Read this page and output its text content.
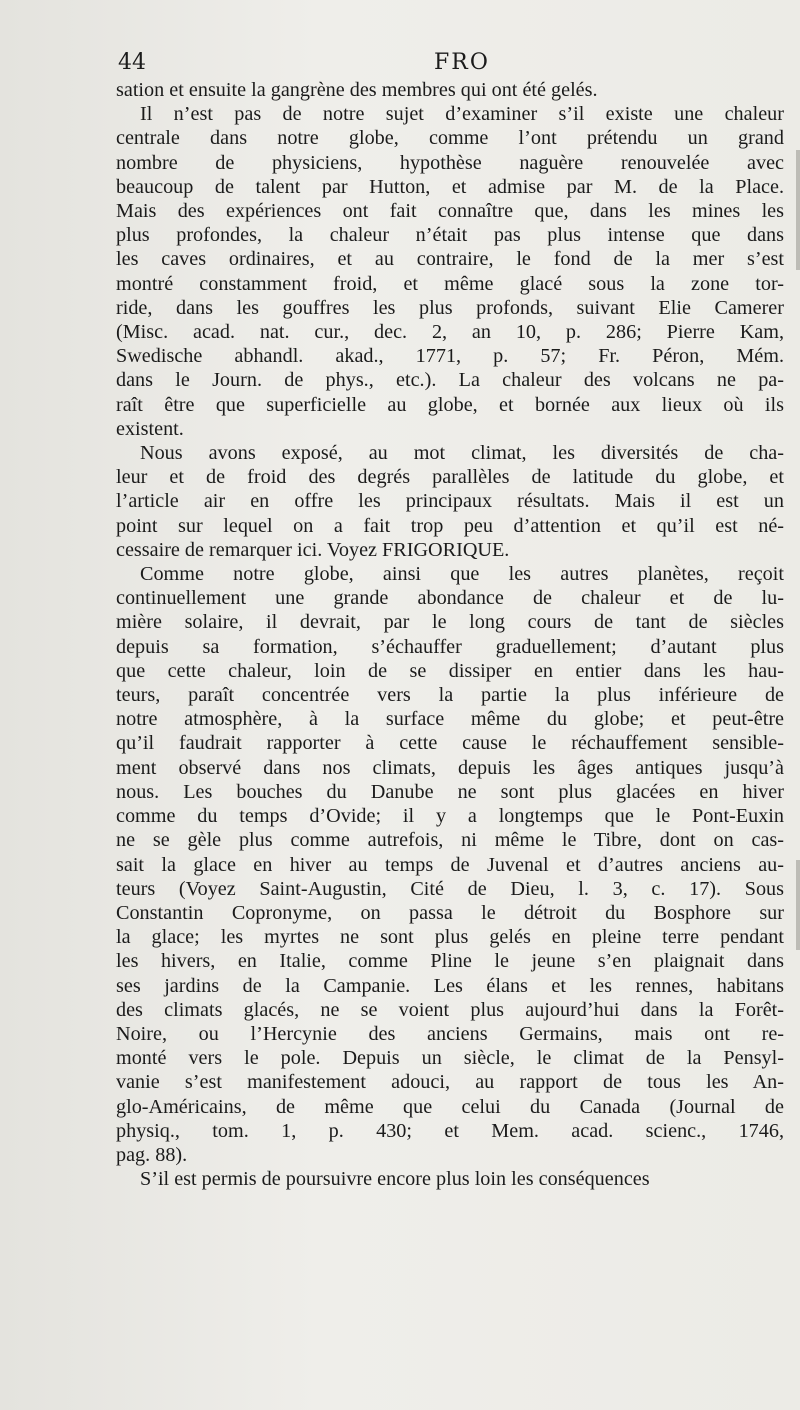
44	FRO
sation et ensuite la gangrène des membres qui ont été gelés.
Il n’est pas de notre sujet d’examiner s’il existe une chaleur
centrale dans notre globe, comme l’ont prétendu un grand
nombre de physiciens, hypothèse naguère renouvelée avec
beaucoup de talent par Hutton, et admise par M. de la Place.
Mais des expériences ont fait connaître que, dans les mines les
plus profondes, la chaleur n’était pas plus intense que dans
les caves ordinaires, et au contraire, le fond de la mer s’est
montré constamment froid, et même glacé sous la zone tor-
ride, dans les gouffres les plus profonds, suivant Elie Camerer
(Misc. acad. nat. cur., dec. 2, an 10, p. 286; Pierre Kam,
Swedische abhandl. akad., 1771, p. 57; Fr. Péron, Mém.
dans le Journ. de phys., etc.). La chaleur des volcans ne pa-
raît être que superficielle au globe, et bornée aux lieux où ils
existent.
Nous avons exposé, au mot climat, les diversités de cha-
leur et de froid des degrés parallèles de latitude du globe, et
l’article air en offre les principaux résultats. Mais il est un
point sur lequel on a fait trop peu d’attention et qu’il est né-
cessaire de remarquer ici. Voyez FRIGORIQUE.
Comme notre globe, ainsi que les autres planètes, reçoit
continuellement une grande abondance de chaleur et de lu-
mière solaire, il devrait, par le long cours de tant de siècles
depuis sa formation, s’échauffer graduellement; d’autant plus
que cette chaleur, loin de se dissiper en entier dans les hau-
teurs, paraît concentrée vers la partie la plus inférieure de
notre atmosphère, à la surface même du globe; et peut-être
qu’il faudrait rapporter à cette cause le réchauffement sensible-
ment observé dans nos climats, depuis les âges antiques jusqu’à
nous. Les bouches du Danube ne sont plus glacées en hiver
comme du temps d’Ovide; il y a longtemps que le Pont-Euxin
ne se gèle plus comme autrefois, ni même le Tibre, dont on cas-
sait la glace en hiver au temps de Juvenal et d’autres anciens au-
teurs (Voyez Saint-Augustin, Cité de Dieu, l. 3, c. 17). Sous
Constantin Copronyme, on passa le détroit du Bosphore sur
la glace; les myrtes ne sont plus gelés en pleine terre pendant
les hivers, en Italie, comme Pline le jeune s’en plaignait dans
ses jardins de la Campanie. Les élans et les rennes, habitans
des climats glacés, ne se voient plus aujourd’hui dans la Forêt-
Noire, ou l’Hercynie des anciens Germains, mais ont re-
monté vers le pole. Depuis un siècle, le climat de la Pensyl-
vanie s’est manifestement adouci, au rapport de tous les An-
glo-Américains, de même que celui du Canada (Journal de
physiq., tom. 1, p. 430; et Mem. acad. scienc., 1746,
pag. 88).
S’il est permis de poursuivre encore plus loin les conséquences
